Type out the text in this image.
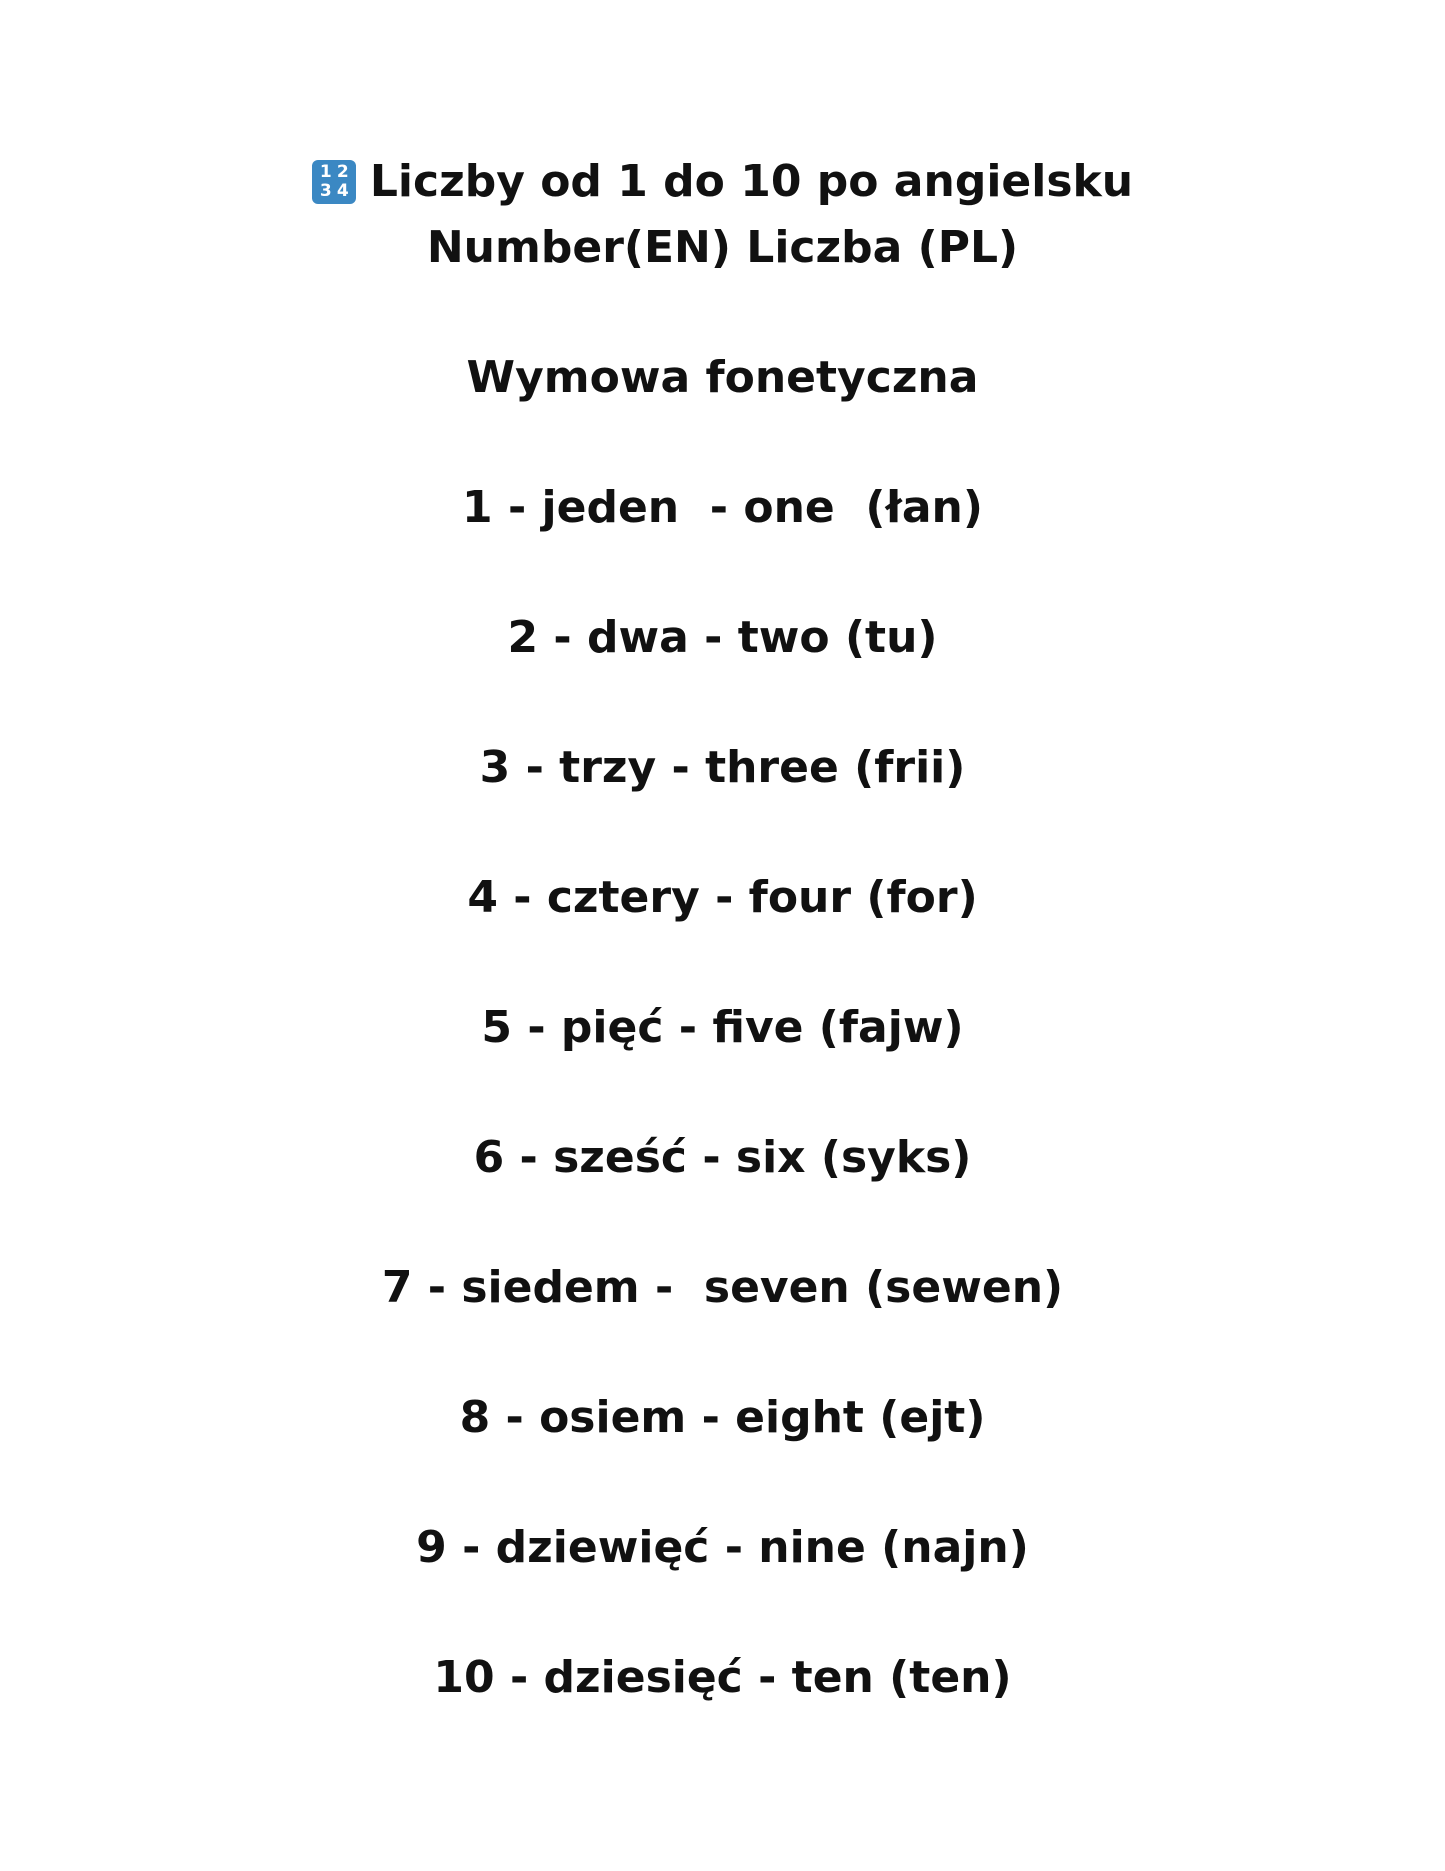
1

2

3

4

Liczby od 1 do 10 po angielsku
Number(EN) Liczba (PL)
Wymowa fonetyczna
1 - jeden  - one  (łan)
2 - dwa - two (tu)
3 - trzy - three (frii)
4 - cztery - four (for)
5 - pięć - five (fajw)
6 - sześć - six (syks)
7 - siedem -  seven (sewen)
8 - osiem - eight (ejt)
9 - dziewięć - nine (najn)
10 - dziesięć - ten (ten)
